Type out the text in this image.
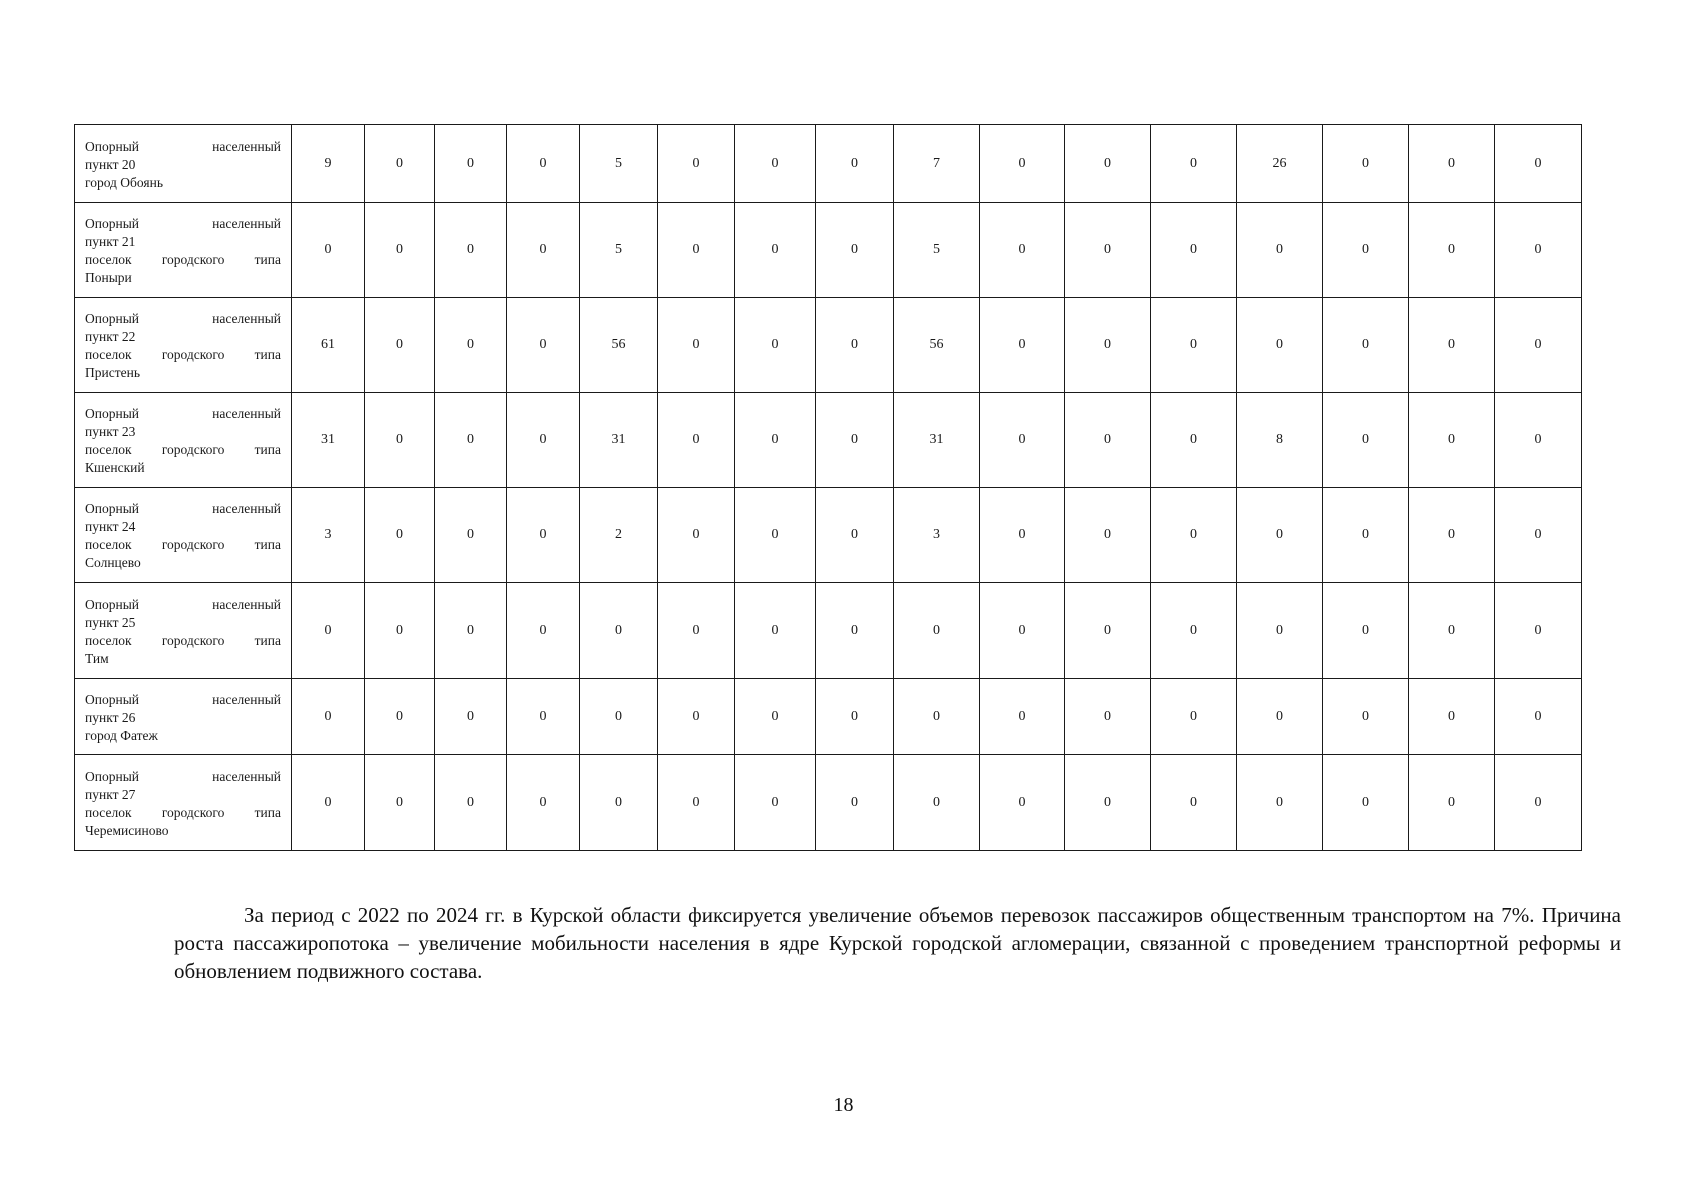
Опорный населенный
пункт 20
город Обоянь	9	0	0	0	5	0	0	0	7	0	0	0	26	0	0	0

Опорный населенный
пункт 21
поселок городского типа
Поныри	0	0	0	0	5	0	0	0	5	0	0	0	0	0	0	0

Опорный населенный
пункт 22
поселок городского типа
Пристень	61	0	0	0	56	0	0	0	56	0	0	0	0	0	0	0

Опорный населенный
пункт 23
поселок городского типа
Кшенский	31	0	0	0	31	0	0	0	31	0	0	0	8	0	0	0

Опорный населенный
пункт 24
поселок городского типа
Солнцево	3	0	0	0	2	0	0	0	3	0	0	0	0	0	0	0

Опорный населенный
пункт 25
поселок городского типа
Тим	0	0	0	0	0	0	0	0	0	0	0	0	0	0	0	0

Опорный населенный
пункт 26
город Фатеж	0	0	0	0	0	0	0	0	0	0	0	0	0	0	0	0

Опорный населенный
пункт 27
поселок городского типа
Черемисиново	0	0	0	0	0	0	0	0	0	0	0	0	0	0	0	0

За период с 2022 по 2024 гг. в Курской области фиксируется увеличение объемов перевозок пассажиров общественным транспортом на 7%. Причина роста пассажиропотока – увеличение мобильности населения в ядре Курской городской агломерации, связанной с проведением транспортной реформы и обновлением подвижного состава.

18
